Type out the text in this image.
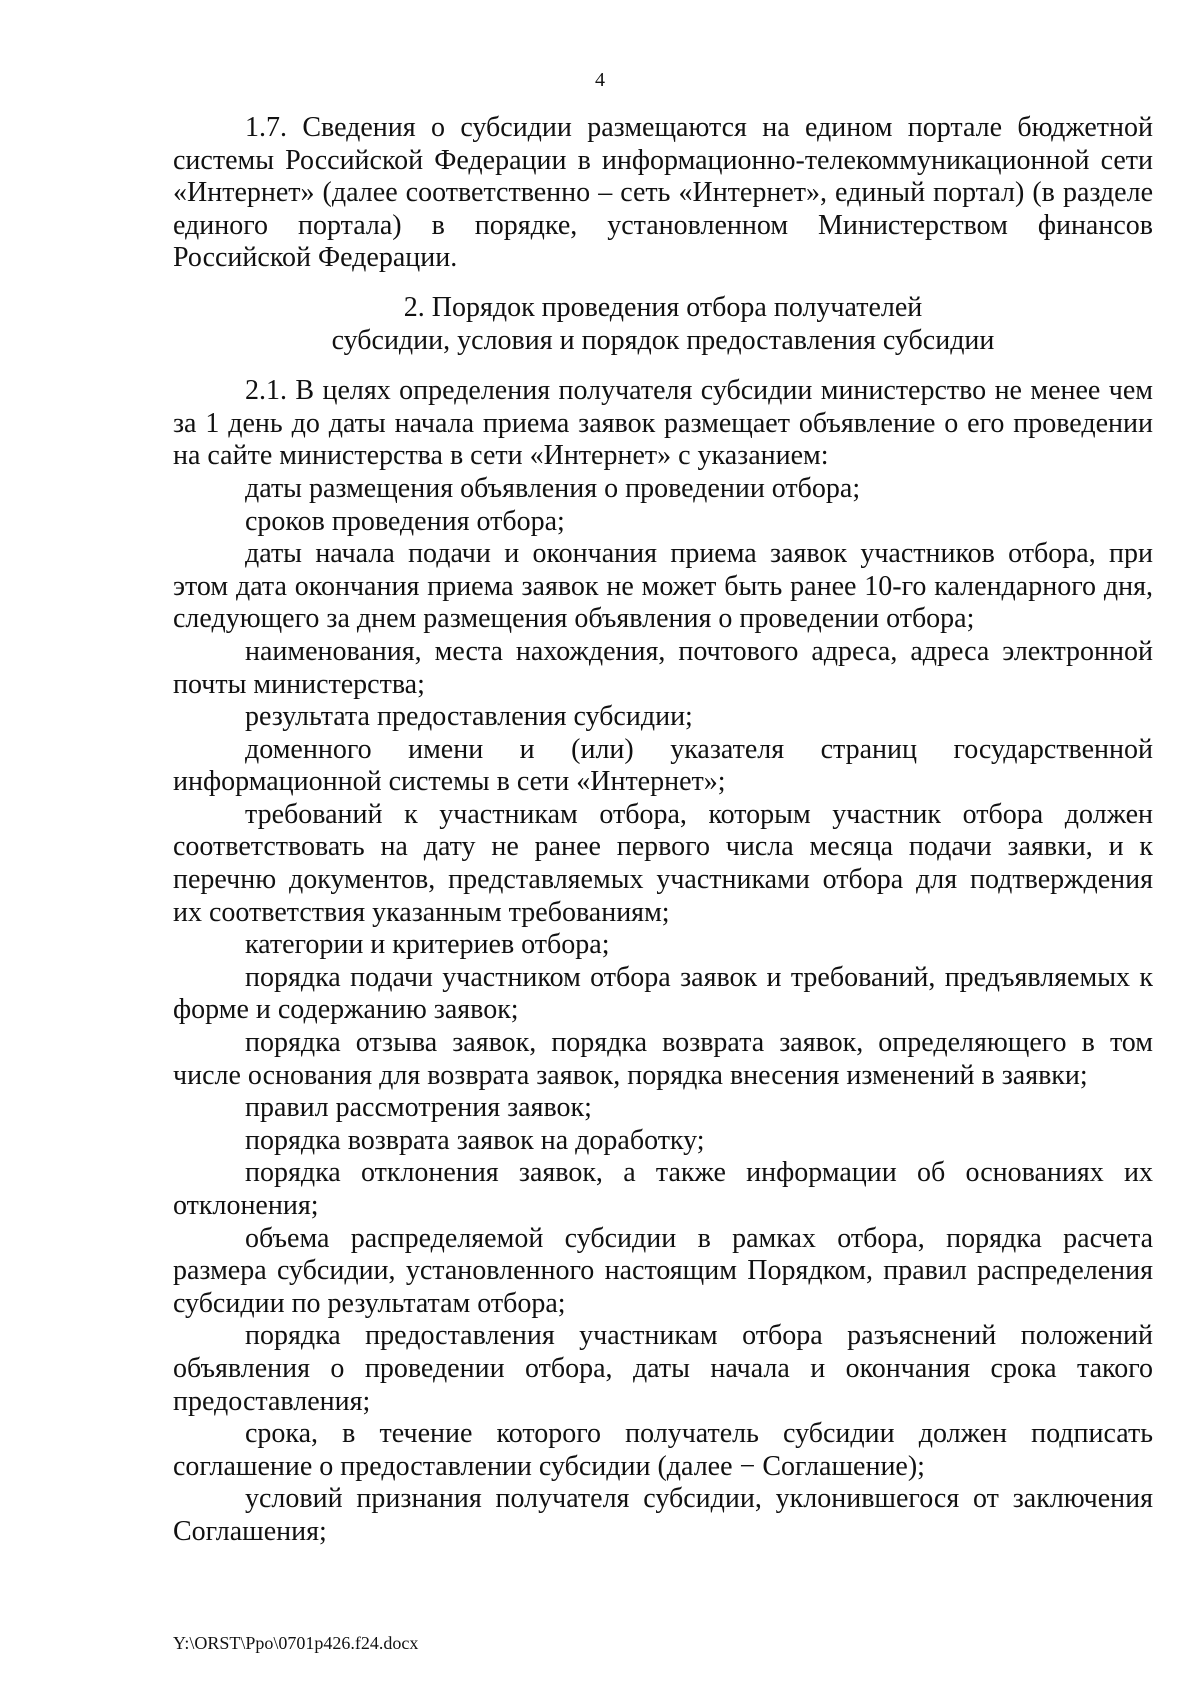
4

1.7. Сведения о субсидии размещаются на едином портале бюджетной системы Российской Федерации в информационно-телекоммуникационной сети «Интернет» (далее соответственно – сеть «Интернет», единый портал) (в разделе единого портала) в порядке, установленном Министерством финансов Российской Федерации.

2. Порядок проведения отбора получателей
субсидии, условия и порядок предоставления субсидии

2.1. В целях определения получателя субсидии министерство не менее чем за 1 день до даты начала приема заявок размещает объявление о его проведении на сайте министерства в сети «Интернет» с указанием:

даты размещения объявления о проведении отбора;

сроков проведения отбора;

даты начала подачи и окончания приема заявок участников отбора, при этом дата окончания приема заявок не может быть ранее 10-го календарного дня, следующего за днем размещения объявления о проведении отбора;

наименования, места нахождения, почтового адреса, адреса электронной почты министерства;

результата предоставления субсидии;

доменного имени и (или) указателя страниц государственной информационной системы в сети «Интернет»;

требований к участникам отбора, которым участник отбора должен соответствовать на дату не ранее первого числа месяца подачи заявки, и к перечню документов, представляемых участниками отбора для подтверждения их соответствия указанным требованиям;

категории и критериев отбора;

порядка подачи участником отбора заявок и требований, предъявляемых к форме и содержанию заявок;

порядка отзыва заявок, порядка возврата заявок, определяющего в том числе основания для возврата заявок, порядка внесения изменений в заявки;

правил рассмотрения заявок;

порядка возврата заявок на доработку;

порядка отклонения заявок, а также информации об основаниях их отклонения;

объема распределяемой субсидии в рамках отбора, порядка расчета размера субсидии, установленного настоящим Порядком, правил распределения субсидии по результатам отбора;

порядка предоставления участникам отбора разъяснений положений объявления о проведении отбора, даты начала и окончания срока такого предоставления;

срока, в течение которого получатель субсидии должен подписать соглашение о предоставлении субсидии (далее − Соглашение);

условий признания получателя субсидии, уклонившегося от заключения Соглашения;

Y:\ORST\Ppo\0701p426.f24.docx
